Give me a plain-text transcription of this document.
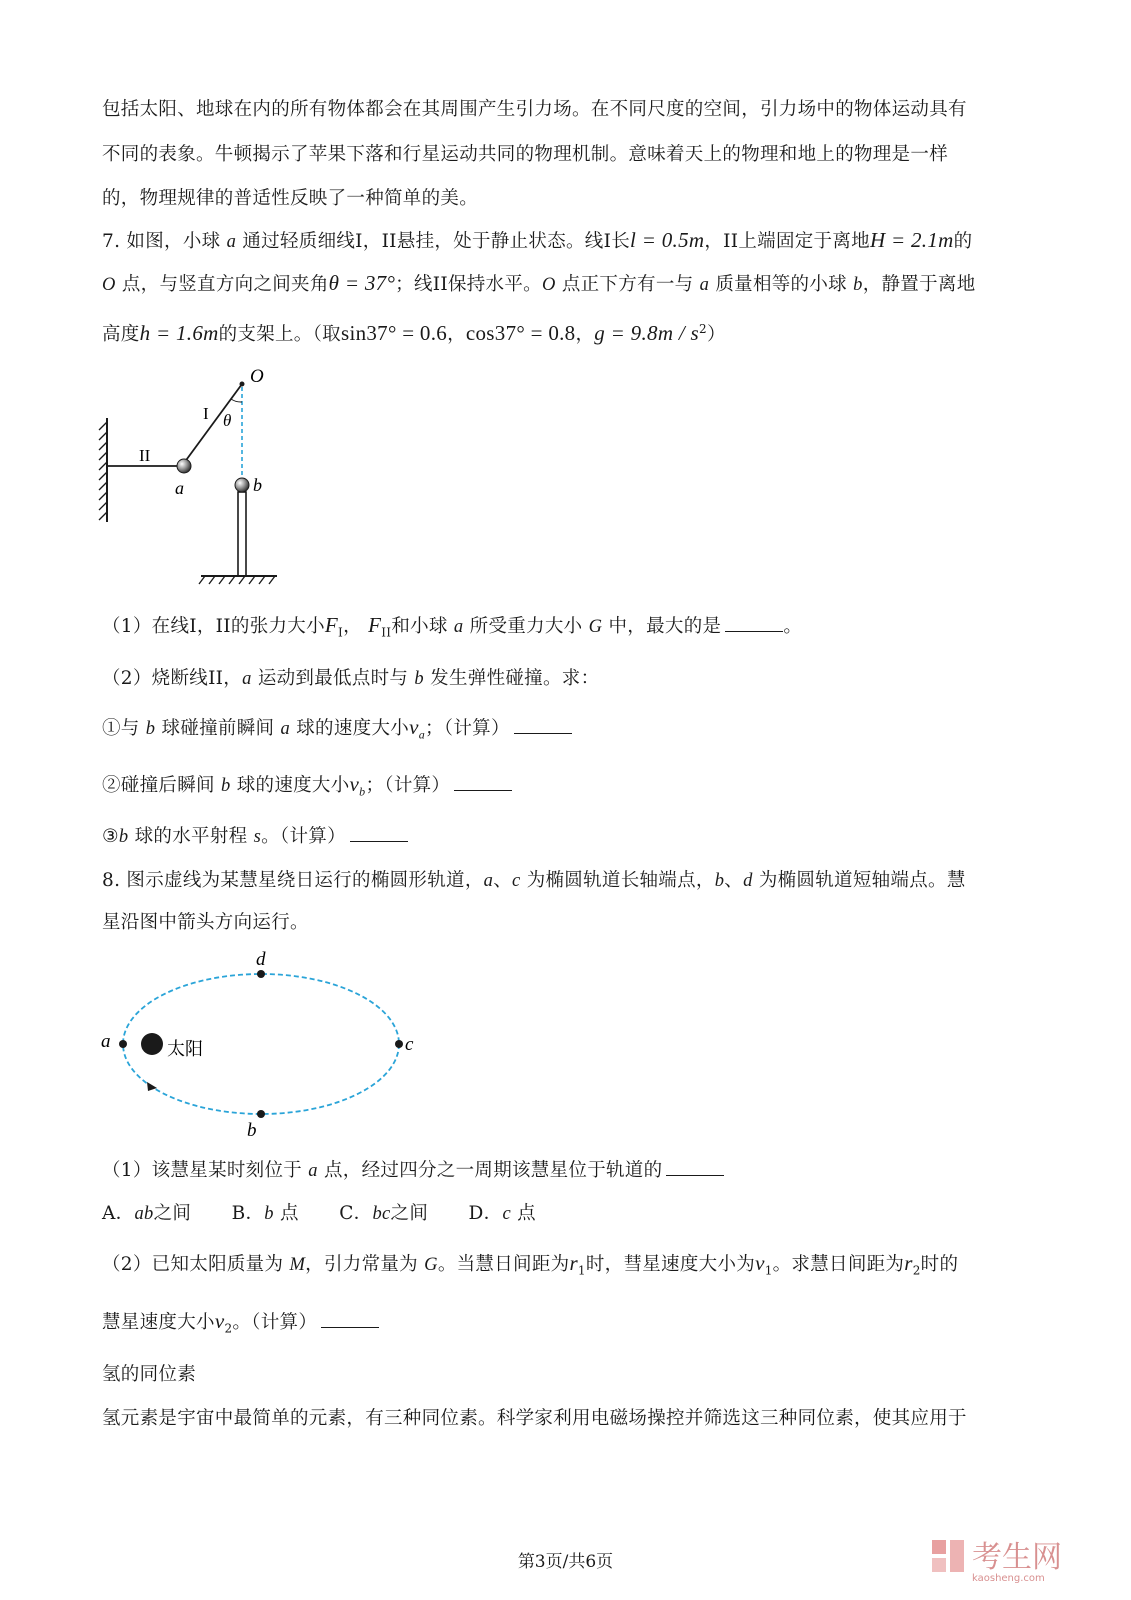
包括太阳、地球在内的所有物体都会在其周围产生引力场。在不同尺度的空间，引力场中的物体运动具有
不同的表象。牛顿揭示了苹果下落和行星运动共同的物理机制。意味着天上的物理和地上的物理是一样
的，物理规律的普适性反映了一种简单的美。
7. 如图，小球 a 通过轻质细线I，II悬挂，处于静止状态。线I长l = 0.5m，II上端固定于离地H = 2.1m的
O 点，与竖直方向之间夹角θ = 37°；线II保持水平。O 点正下方有一与 a 质量相等的小球 b，静置于离地
高度h = 1.6m的支架上。（取sin37° = 0.6，cos37° = 0.8，$g = 9.8m / s^2$）
O
θ
I
II
a	b
（1）在线I，II的张力大小$F_I$， $F_{II}$和小球 a 所受重力大小 G 中，最大的是	。
（2）烧断线II，a 运动到最低点时与 b 发生弹性碰撞。求：
①与 b 球碰撞前瞬间 a 球的速度大小$v_a$；（计算）
②碰撞后瞬间 b 球的速度大小$v_b$；（计算）
③b 球的水平射程 s。（计算）
8. 图示虚线为某慧星绕日运行的椭圆形轨道，a、c 为椭圆轨道长轴端点，b、d 为椭圆轨道短轴端点。慧
星沿图中箭头方向运行。
d
a	c
b
太阳
（1）该慧星某时刻位于 a 点，经过四分之一周期该慧星位于轨道的
A．ab之间 B．b 点 C．bc之间 D．c 点
（2）已知太阳质量为 M，引力常量为 G。当慧日间距为$r_1$时，彗星速度大小为$v_1$。求慧日间距为$r_2$时的
慧星速度大小$v_2$。（计算）
氢的同位素
氢元素是宇宙中最简单的元素，有三种同位素。科学家利用电磁场操控并筛选这三种同位素，使其应用于
第3页/共6页	考生网
kaosheng.com
